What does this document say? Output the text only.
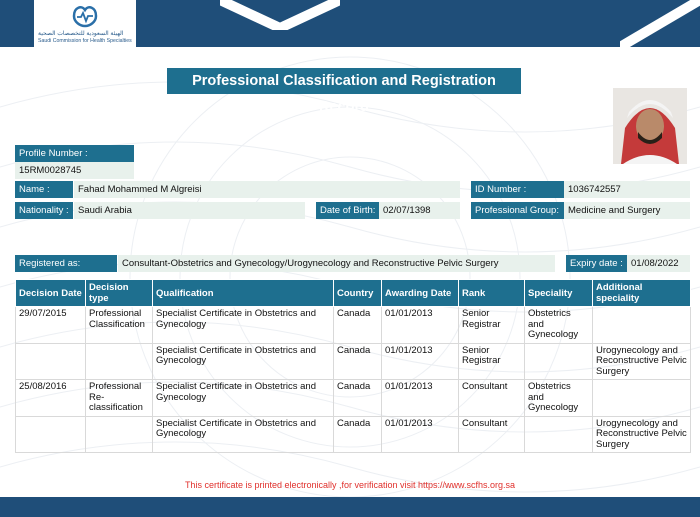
الهيئة السعودية للتخصصات الصحية
Saudi Commission for Health Specialties
Professional Classification and Registration Record
Profile Number :
15RM0028745
Name :	Fahad Mohammed M Algreisi	ID Number :	1036742557
Nationality : Saudi Arabia	Date of Birth: 02/07/1398	Professional Group: Medicine and Surgery
Registered as:	Consultant-Obstetrics and Gynecology/Urogynecology and Reconstructive Pelvic Surgery	Expiry date : 01/08/2022
Decision Date	Decision type	Qualification	Country	Awarding Date	Rank	Speciality	Additional speciality
29/07/2015	Professional Classification	Specialist Certificate in Obstetrics and Gynecology	Canada	01/01/2013	Senior Registrar	Obstetrics and Gynecology	
		Specialist Certificate in Obstetrics and Gynecology	Canada	01/01/2013	Senior Registrar		Urogynecology and Reconstructive Pelvic Surgery
25/08/2016	Professional Re-classification	Specialist Certificate in Obstetrics and Gynecology	Canada	01/01/2013	Consultant	Obstetrics and Gynecology	
		Specialist Certificate in Obstetrics and Gynecology	Canada	01/01/2013	Consultant		Urogynecology and Reconstructive Pelvic Surgery
This certificate is printed electronically ,for verification visit https://www.scfhs.org.sa
